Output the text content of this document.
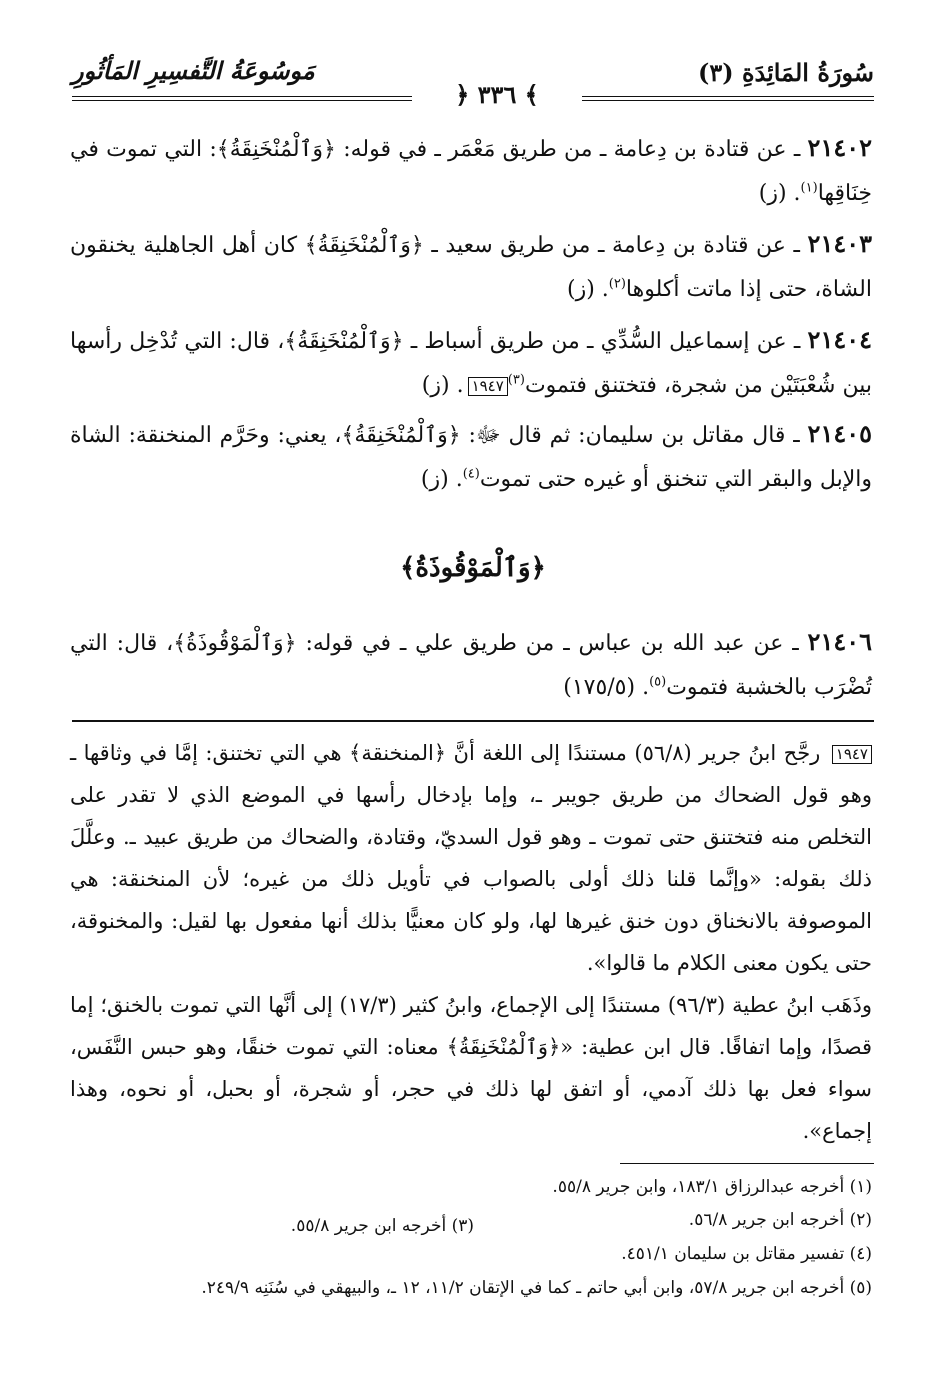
سُورَةُ المَائِدَةِ (٣)
مَوسُوعَةُ التَّفسِيرِ المَأثُورِ
﴾ ٣٣٦ ﴿
٢١٤٠٢ ـ عن قتادة بن دِعامة ـ من طريق مَعْمَر ـ في قوله: ﴿وَٱلْمُنْخَنِقَةُ﴾: التي تموت في خِنَاقِها$^{(١)}$. (ز)
٢١٤٠٣ ـ عن قتادة بن دِعامة ـ من طريق سعيد ـ ﴿وَٱلْمُنْخَنِقَةُ﴾ كان أهل الجاهلية يخنقون الشاة، حتى إذا ماتت أكلوها$^{(٢)}$. (ز)
٢١٤٠٤ ـ عن إسماعيل السُّدِّي ـ من طريق أسباط ـ ﴿وَٱلْمُنْخَنِقَةُ﴾، قال: التي تُدْخِل رأسها بين شُعْبَتَيْن من شجرة، فتختنق فتموت$^{(٣)}$١٩٤٧. (ز)
٢١٤٠٥ ـ قال مقاتل بن سليمان: ثم قال ﷻ: ﴿وَٱلْمُنْخَنِقَةُ﴾، يعني: وحَرَّم المنخنقة: الشاة والإبل والبقر التي تنخنق أو غيره حتى تموت$^{(٤)}$. (ز)
﴿وَٱلْمَوْقُوذَةُ﴾
٢١٤٠٦ ـ عن عبد الله بن عباس ـ من طريق علي ـ في قوله: ﴿وَٱلْمَوْقُوذَةُ﴾، قال: التي تُضْرَب بالخشبة فتموت$^{(٥)}$. (١٧٥/٥)
١٩٤٧ رجَّح ابنُ جرير (٥٦/٨) مستندًا إلى اللغة أنَّ ﴿المنخنقة﴾ هي التي تختنق: إمَّا في وثاقها ـ وهو قول الضحاك من طريق جويبر ـ، وإما بإدخال رأسها في الموضع الذي لا تقدر على التخلص منه فتختنق حتى تموت ـ وهو قول السديّ، وقتادة، والضحاك من طريق عبيد ـ. وعلَّلَ ذلك بقوله: «وإنَّما قلنا ذلك أولى بالصواب في تأويل ذلك من غيره؛ لأن المنخنقة: هي الموصوفة بالانخناق دون خنق غيرها لها، ولو كان معنيًّا بذلك أنها مفعول بها لقيل: والمخنوقة، حتى يكون معنى الكلام ما قالوا».
وذَهَب ابنُ عطية (٩٦/٣) مستندًا إلى الإجماع، وابنُ كثير (١٧/٣) إلى أنَّها التي تموت بالخنق؛ إما قصدًا، وإما اتفاقًا. قال ابن عطية: «﴿وَٱلْمُنْخَنِقَةُ﴾ معناه: التي تموت خنقًا، وهو حبس النَّفَس، سواء فعل بها ذلك آدمي، أو اتفق لها ذلك في حجر، أو شجرة، أو بحبل، أو نحوه، وهذا إجماع».
(١) أخرجه عبدالرزاق ١٨٣/١، وابن جرير ٥٥/٨.
(٢) أخرجه ابن جرير ٥٦/٨.
(٣) أخرجه ابن جرير ٥٥/٨.
(٤) تفسير مقاتل بن سليمان ٤٥١/١.
(٥) أخرجه ابن جرير ٥٧/٨، وابن أبي حاتم ـ كما في الإتقان ١١/٢، ١٢ ـ، والبيهقي في سُنَنِه ٢٤٩/٩.
